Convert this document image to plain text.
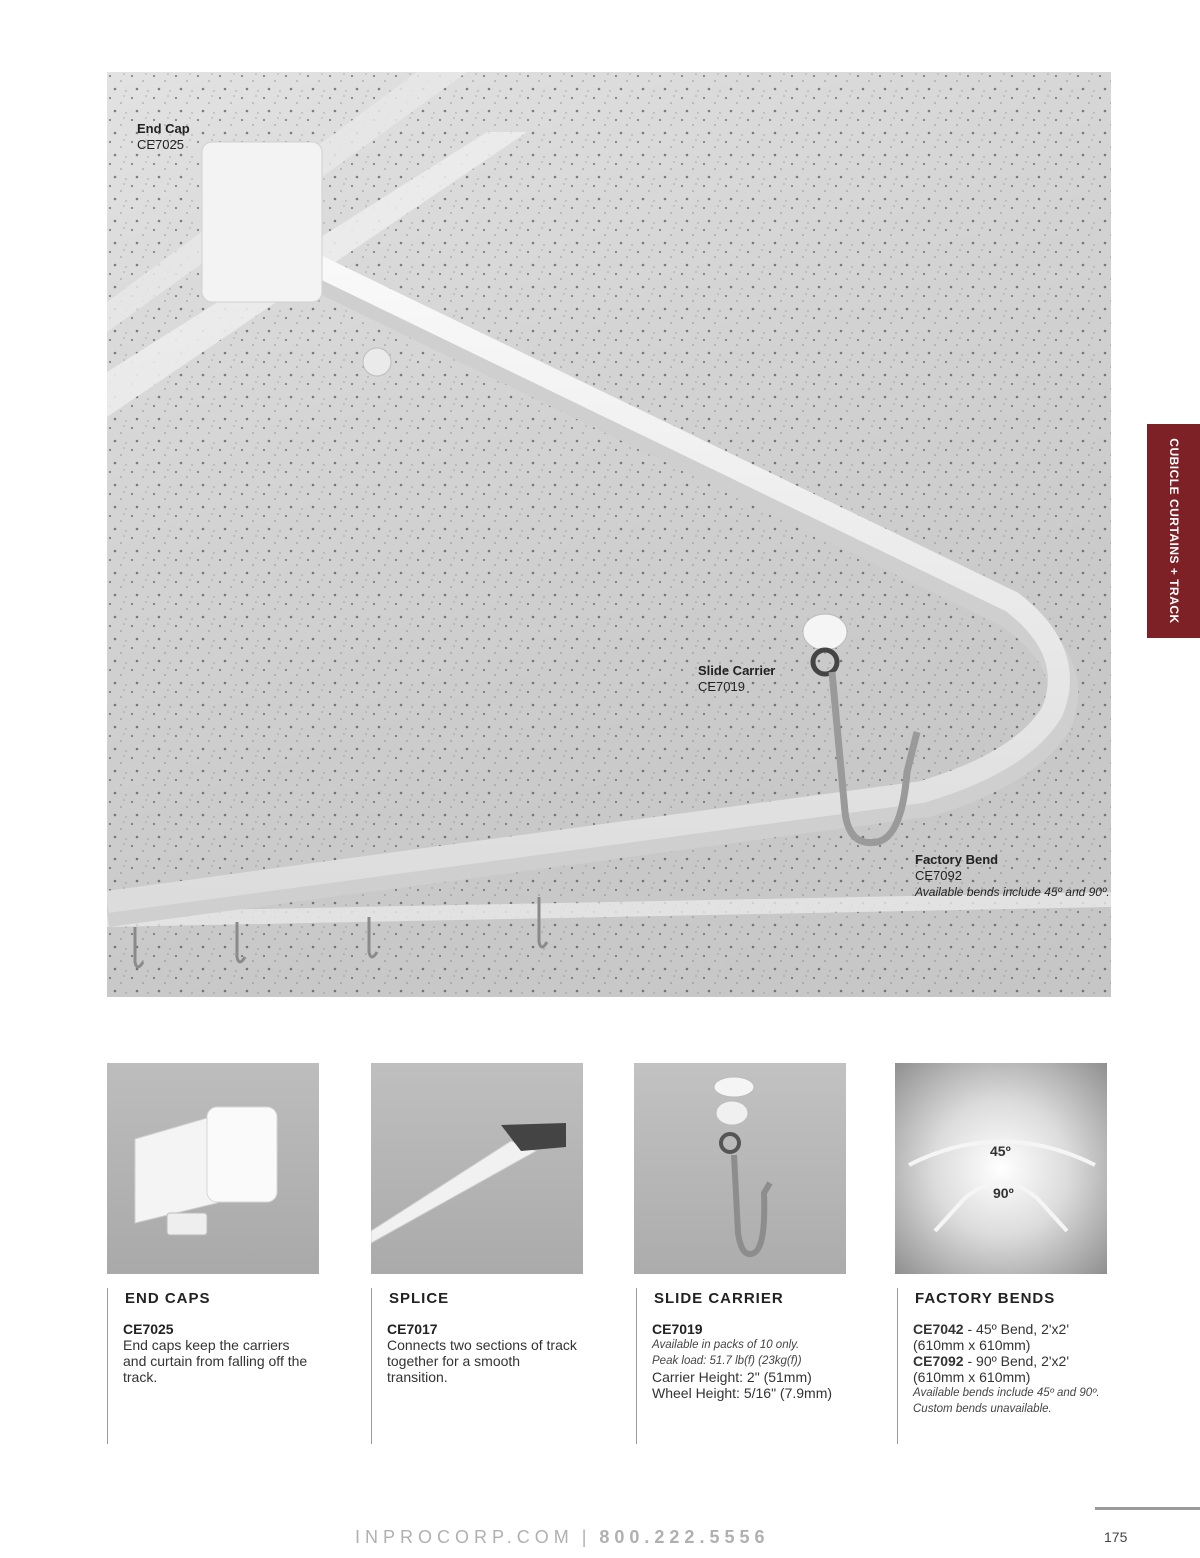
End Cap
CE7025
Slide Carrier
CE7019
Factory Bend
CE7092
Available bends include 45º and 90º.
CUBICLE CURTAINS + TRACK
45º
90º
END CAPS
CE7025
End caps keep the carriers and curtain from falling off the track.
SPLICE
CE7017
Connects two sections of track together for a smooth transition.
SLIDE CARRIER
CE7019
Available in packs of 10 only.
Peak load: 51.7 lb(f) (23kg(f))
Carrier Height: 2" (51mm)
Wheel Height: 5/16" (7.9mm)
FACTORY BENDS
CE7042 - 45º Bend, 2'x2'
(610mm x 610mm)
CE7092 - 90º Bend, 2'x2'
(610mm x 610mm)
Available bends include 45º and 90º. Custom bends unavailable.
INPROCORP.COM | 800.222.5556	175
